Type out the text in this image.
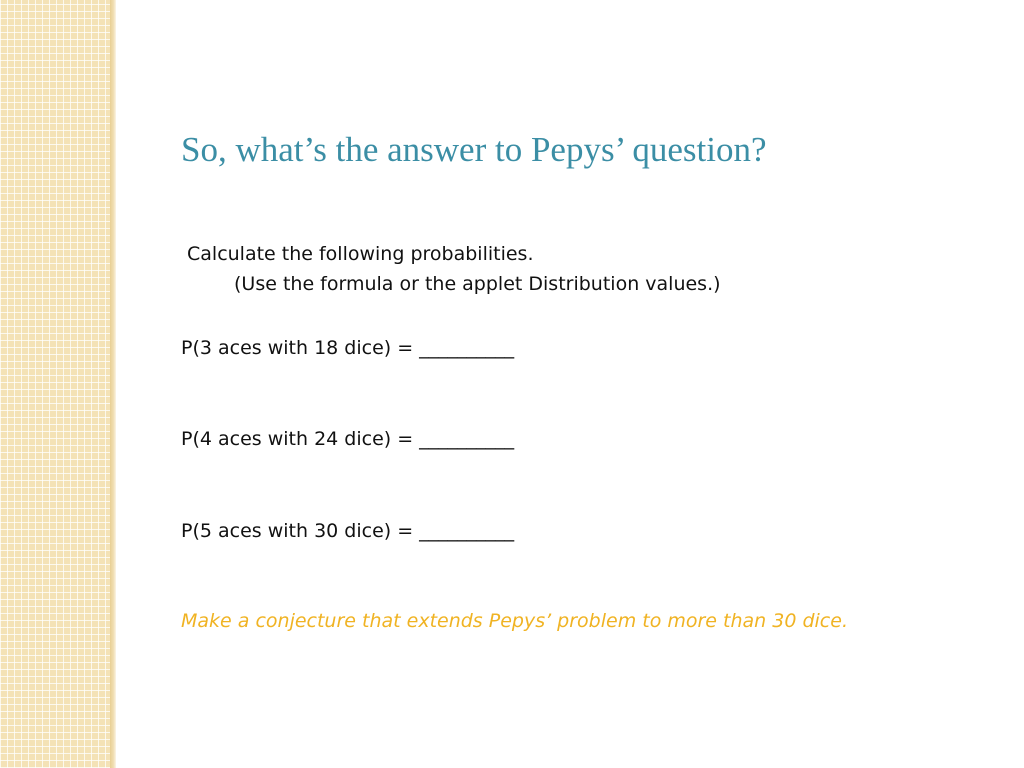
So, what’s the answer to Pepys’ question?

Calculate the following probabilities.

(Use the formula or the applet Distribution values.)

P(3 aces with 18 dice) = __________

P(4 aces with 24 dice) = __________

P(5 aces with 30 dice) = __________

Make a conjecture that extends Pepys’ problem to more than 30 dice.
